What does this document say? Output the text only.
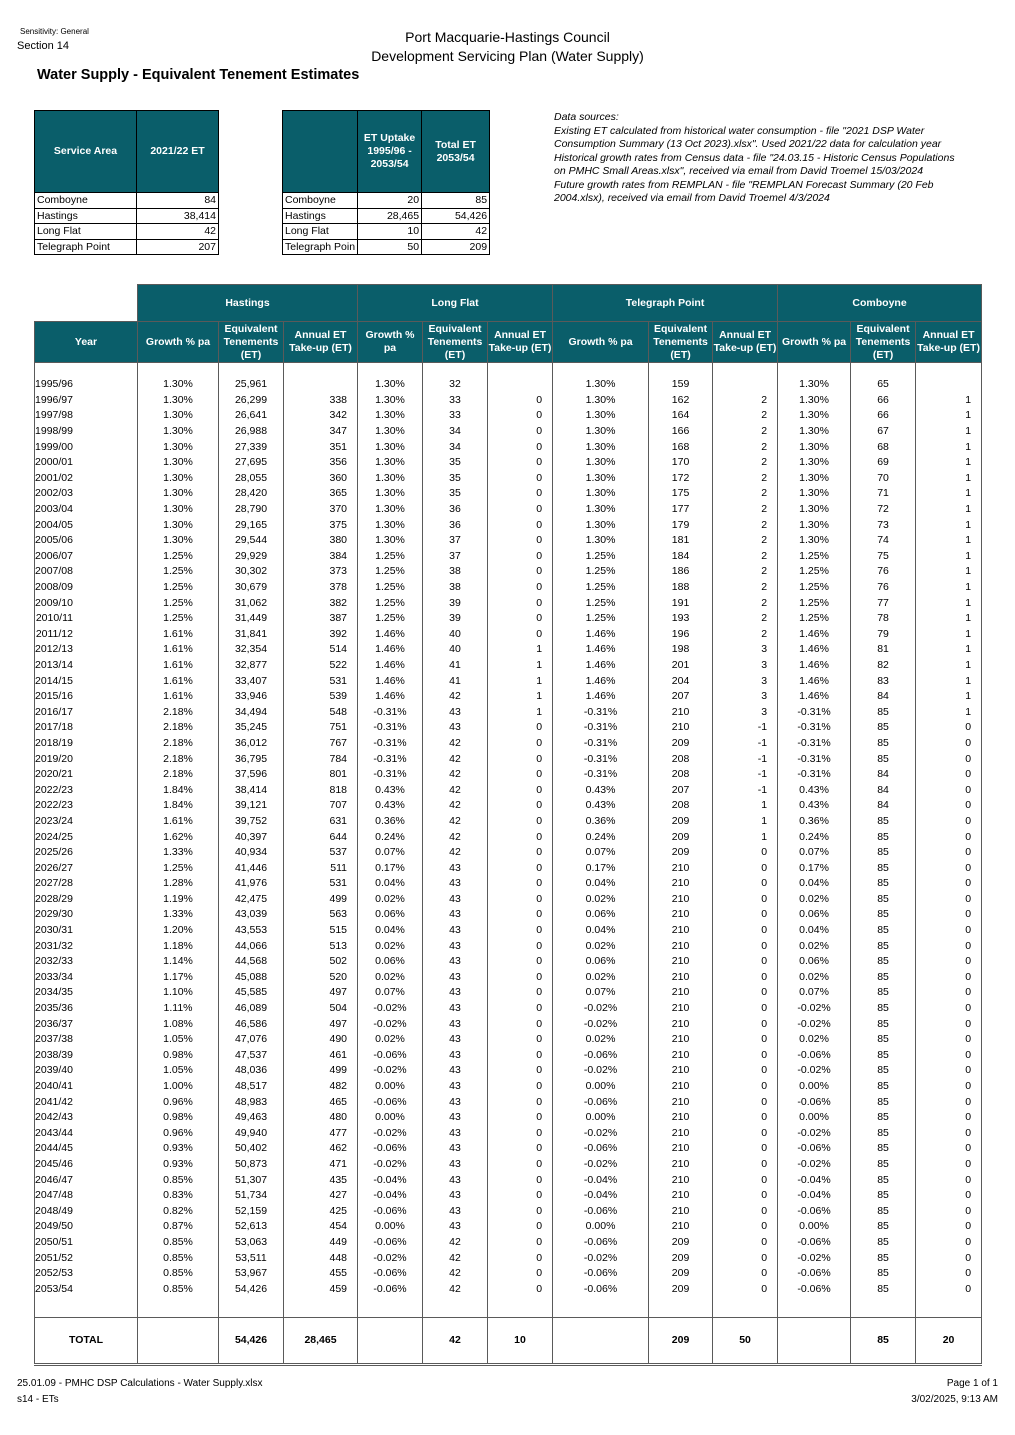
Sensitivity: General
Section 14
Port Macquarie-Hastings Council
Development Servicing Plan (Water Supply)
Water Supply - Equivalent Tenement Estimates
Service Area	2021/22 ET
Comboyne	84
Hastings	38,414
Long Flat	42
Telegraph Point	207
	ET Uptake 1995/96 - 2053/54	Total ET 2053/54
Comboyne	20	85
Hastings	28,465	54,426
Long Flat	10	42
Telegraph Poin	50	209
Data sources:
Existing ET calculated from historical water consumption - file "2021 DSP Water
Consumption Summary (13 Oct 2023).xlsx". Used 2021/22 data for calculation year
Historical growth rates from Census data - file "24.03.15 - Historic Census Populations
on PMHC Small Areas.xlsx", received via email from David Troemel 15/03/2024
Future growth rates from REMPLAN - file "REMPLAN Forecast Summary (20 Feb
2004.xlsx), received via email from David Troemel 4/3/2024
	Hastings			Long Flat			Telegraph Point			Comboyne		
Year	Growth % pa	Equivalent Tenements (ET)	Annual ET Take-up (ET)	Growth % pa	Equivalent Tenements (ET)	Annual ET Take-up (ET)	Growth % pa	Equivalent Tenements (ET)	Annual ET Take-up (ET)	Growth % pa	Equivalent Tenements (ET)	Annual ET Take-up (ET)

1995/96	1.30%	25,961		1.30%	32		1.30%	159		1.30%	65	
1996/97	1.30%	26,299	338	1.30%	33	0	1.30%	162	2	1.30%	66	1
1997/98	1.30%	26,641	342	1.30%	33	0	1.30%	164	2	1.30%	66	1
1998/99	1.30%	26,988	347	1.30%	34	0	1.30%	166	2	1.30%	67	1
1999/00	1.30%	27,339	351	1.30%	34	0	1.30%	168	2	1.30%	68	1
2000/01	1.30%	27,695	356	1.30%	35	0	1.30%	170	2	1.30%	69	1
2001/02	1.30%	28,055	360	1.30%	35	0	1.30%	172	2	1.30%	70	1
2002/03	1.30%	28,420	365	1.30%	35	0	1.30%	175	2	1.30%	71	1
2003/04	1.30%	28,790	370	1.30%	36	0	1.30%	177	2	1.30%	72	1
2004/05	1.30%	29,165	375	1.30%	36	0	1.30%	179	2	1.30%	73	1
2005/06	1.30%	29,544	380	1.30%	37	0	1.30%	181	2	1.30%	74	1
2006/07	1.25%	29,929	384	1.25%	37	0	1.25%	184	2	1.25%	75	1
2007/08	1.25%	30,302	373	1.25%	38	0	1.25%	186	2	1.25%	76	1
2008/09	1.25%	30,679	378	1.25%	38	0	1.25%	188	2	1.25%	76	1
2009/10	1.25%	31,062	382	1.25%	39	0	1.25%	191	2	1.25%	77	1
2010/11	1.25%	31,449	387	1.25%	39	0	1.25%	193	2	1.25%	78	1
2011/12	1.61%	31,841	392	1.46%	40	0	1.46%	196	2	1.46%	79	1
2012/13	1.61%	32,354	514	1.46%	40	1	1.46%	198	3	1.46%	81	1
2013/14	1.61%	32,877	522	1.46%	41	1	1.46%	201	3	1.46%	82	1
2014/15	1.61%	33,407	531	1.46%	41	1	1.46%	204	3	1.46%	83	1
2015/16	1.61%	33,946	539	1.46%	42	1	1.46%	207	3	1.46%	84	1
2016/17	2.18%	34,494	548	-0.31%	43	1	-0.31%	210	3	-0.31%	85	1
2017/18	2.18%	35,245	751	-0.31%	43	0	-0.31%	210	-1	-0.31%	85	0
2018/19	2.18%	36,012	767	-0.31%	42	0	-0.31%	209	-1	-0.31%	85	0
2019/20	2.18%	36,795	784	-0.31%	42	0	-0.31%	208	-1	-0.31%	85	0
2020/21	2.18%	37,596	801	-0.31%	42	0	-0.31%	208	-1	-0.31%	84	0
2022/23	1.84%	38,414	818	0.43%	42	0	0.43%	207	-1	0.43%	84	0
2022/23	1.84%	39,121	707	0.43%	42	0	0.43%	208	1	0.43%	84	0
2023/24	1.61%	39,752	631	0.36%	42	0	0.36%	209	1	0.36%	85	0
2024/25	1.62%	40,397	644	0.24%	42	0	0.24%	209	1	0.24%	85	0
2025/26	1.33%	40,934	537	0.07%	42	0	0.07%	209	0	0.07%	85	0
2026/27	1.25%	41,446	511	0.17%	43	0	0.17%	210	0	0.17%	85	0
2027/28	1.28%	41,976	531	0.04%	43	0	0.04%	210	0	0.04%	85	0
2028/29	1.19%	42,475	499	0.02%	43	0	0.02%	210	0	0.02%	85	0
2029/30	1.33%	43,039	563	0.06%	43	0	0.06%	210	0	0.06%	85	0
2030/31	1.20%	43,553	515	0.04%	43	0	0.04%	210	0	0.04%	85	0
2031/32	1.18%	44,066	513	0.02%	43	0	0.02%	210	0	0.02%	85	0
2032/33	1.14%	44,568	502	0.06%	43	0	0.06%	210	0	0.06%	85	0
2033/34	1.17%	45,088	520	0.02%	43	0	0.02%	210	0	0.02%	85	0
2034/35	1.10%	45,585	497	0.07%	43	0	0.07%	210	0	0.07%	85	0
2035/36	1.11%	46,089	504	-0.02%	43	0	-0.02%	210	0	-0.02%	85	0
2036/37	1.08%	46,586	497	-0.02%	43	0	-0.02%	210	0	-0.02%	85	0
2037/38	1.05%	47,076	490	0.02%	43	0	0.02%	210	0	0.02%	85	0
2038/39	0.98%	47,537	461	-0.06%	43	0	-0.06%	210	0	-0.06%	85	0
2039/40	1.05%	48,036	499	-0.02%	43	0	-0.02%	210	0	-0.02%	85	0
2040/41	1.00%	48,517	482	0.00%	43	0	0.00%	210	0	0.00%	85	0
2041/42	0.96%	48,983	465	-0.06%	43	0	-0.06%	210	0	-0.06%	85	0
2042/43	0.98%	49,463	480	0.00%	43	0	0.00%	210	0	0.00%	85	0
2043/44	0.96%	49,940	477	-0.02%	43	0	-0.02%	210	0	-0.02%	85	0
2044/45	0.93%	50,402	462	-0.06%	43	0	-0.06%	210	0	-0.06%	85	0
2045/46	0.93%	50,873	471	-0.02%	43	0	-0.02%	210	0	-0.02%	85	0
2046/47	0.85%	51,307	435	-0.04%	43	0	-0.04%	210	0	-0.04%	85	0
2047/48	0.83%	51,734	427	-0.04%	43	0	-0.04%	210	0	-0.04%	85	0
2048/49	0.82%	52,159	425	-0.06%	43	0	-0.06%	210	0	-0.06%	85	0
2049/50	0.87%	52,613	454	0.00%	43	0	0.00%	210	0	0.00%	85	0
2050/51	0.85%	53,063	449	-0.06%	42	0	-0.06%	209	0	-0.06%	85	0
2051/52	0.85%	53,511	448	-0.02%	42	0	-0.02%	209	0	-0.02%	85	0
2052/53	0.85%	53,967	455	-0.06%	42	0	-0.06%	209	0	-0.06%	85	0
2053/54	0.85%	54,426	459	-0.06%	42	0	-0.06%	209	0	-0.06%	85	0

TOTAL		54,426	28,465		42	10		209	50		85	20
25.01.09 - PMHC DSP Calculations - Water Supply.xlsx
s14 - ETs
Page 1 of 1
3/02/2025, 9:13 AM
